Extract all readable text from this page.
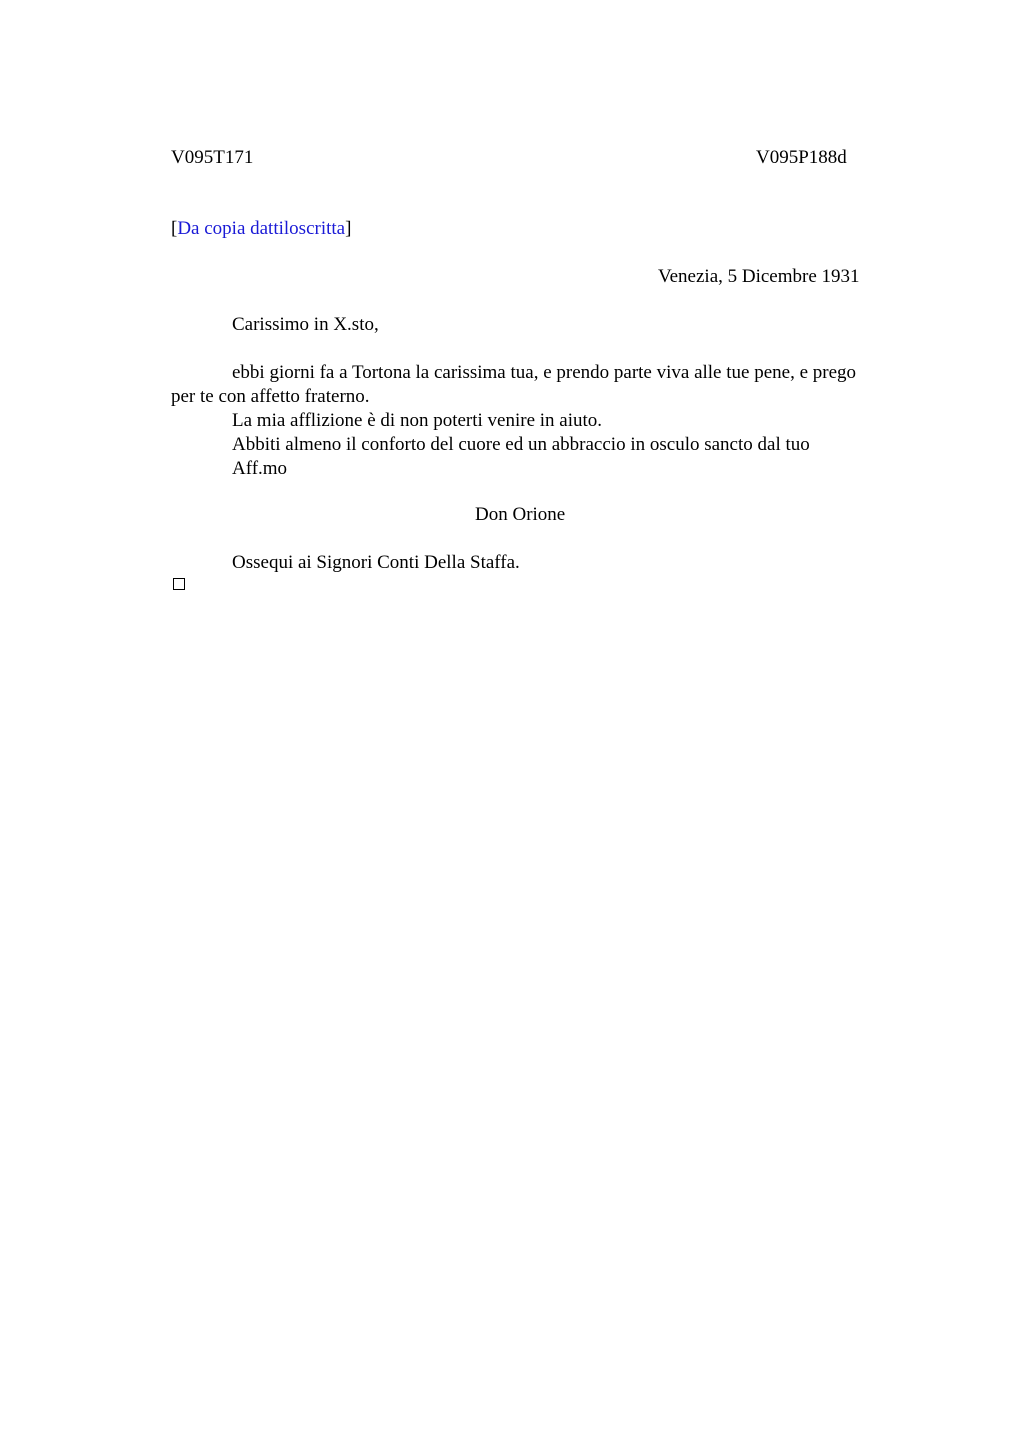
V095T171	V095P188d
[Da copia dattiloscritta]
Venezia, 5 Dicembre 1931
Carissimo in X.sto,

ebbi giorni fa a Tortona la carissima tua, e prendo parte viva alle tue pene, e prego

per te con affetto fraterno.

La mia afflizione è di non poterti venire in aiuto.

Abbiti almeno il conforto del cuore ed un abbraccio in osculo sancto dal tuo

Aff.mo

Don Orione
Ossequi ai Signori Conti Della Staffa.
